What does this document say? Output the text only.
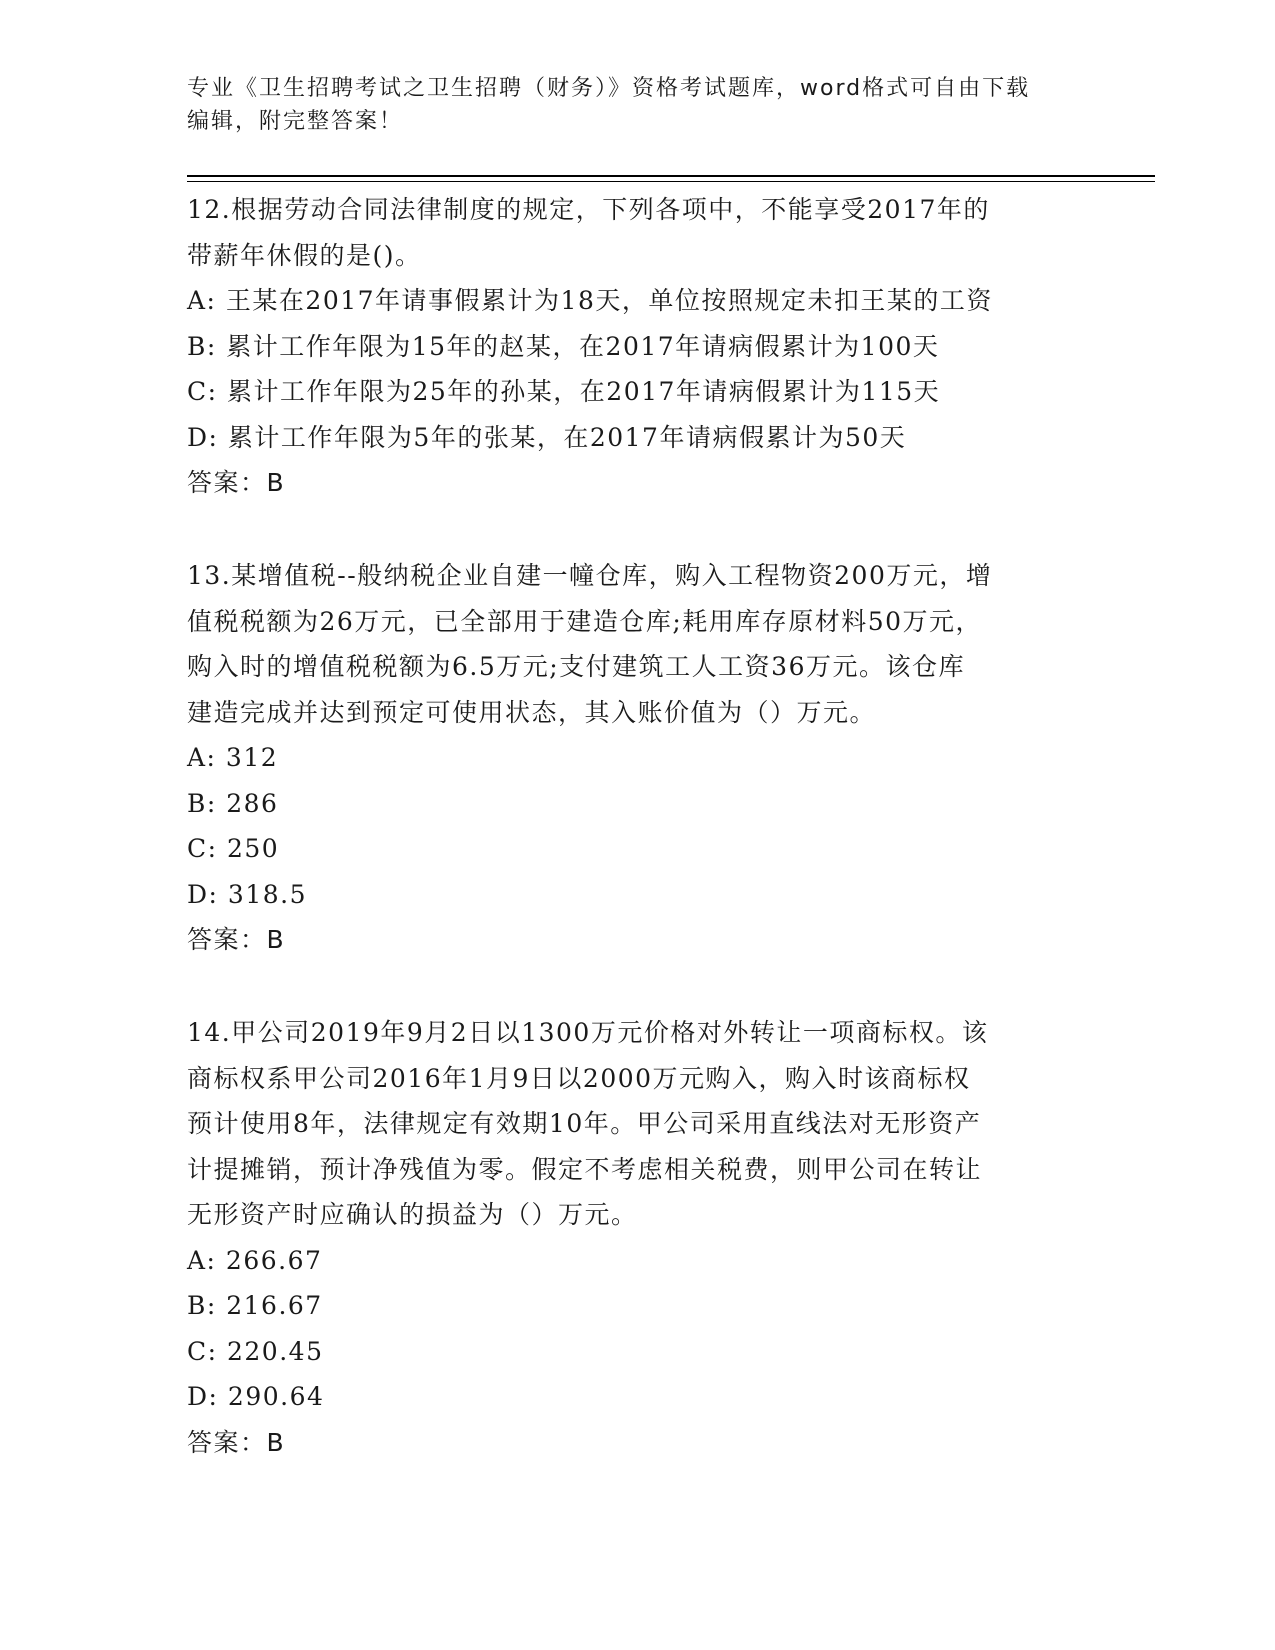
专业《卫生招聘考试之卫生招聘（财务）》资格考试题库，word格式可自由下载
编辑，附完整答案！
12.根据劳动合同法律制度的规定，下列各项中，不能享受2017年的
带薪年休假的是()。
A: 王某在2017年请事假累计为18天，单位按照规定未扣王某的工资
B: 累计工作年限为15年的赵某，在2017年请病假累计为100天
C: 累计工作年限为25年的孙某，在2017年请病假累计为115天
D: 累计工作年限为5年的张某，在2017年请病假累计为50天
答案：B
13.某增值税--般纳税企业自建一幢仓库，购入工程物资200万元，增
值税税额为26万元，已全部用于建造仓库;耗用库存原材料50万元，
购入时的增值税税额为6.5万元;支付建筑工人工资36万元。该仓库
建造完成并达到预定可使用状态，其入账价值为（）万元。
A: 312
B: 286
C: 250
D: 318.5
答案：B
14.甲公司2019年9月2日以1300万元价格对外转让一项商标权。该
商标权系甲公司2016年1月9日以2000万元购入，购入时该商标权
预计使用8年，法律规定有效期10年。甲公司采用直线法对无形资产
计提摊销，预计净残值为零。假定不考虑相关税费，则甲公司在转让
无形资产时应确认的损益为（）万元。
A: 266.67
B: 216.67
C: 220.45
D: 290.64
答案：B
